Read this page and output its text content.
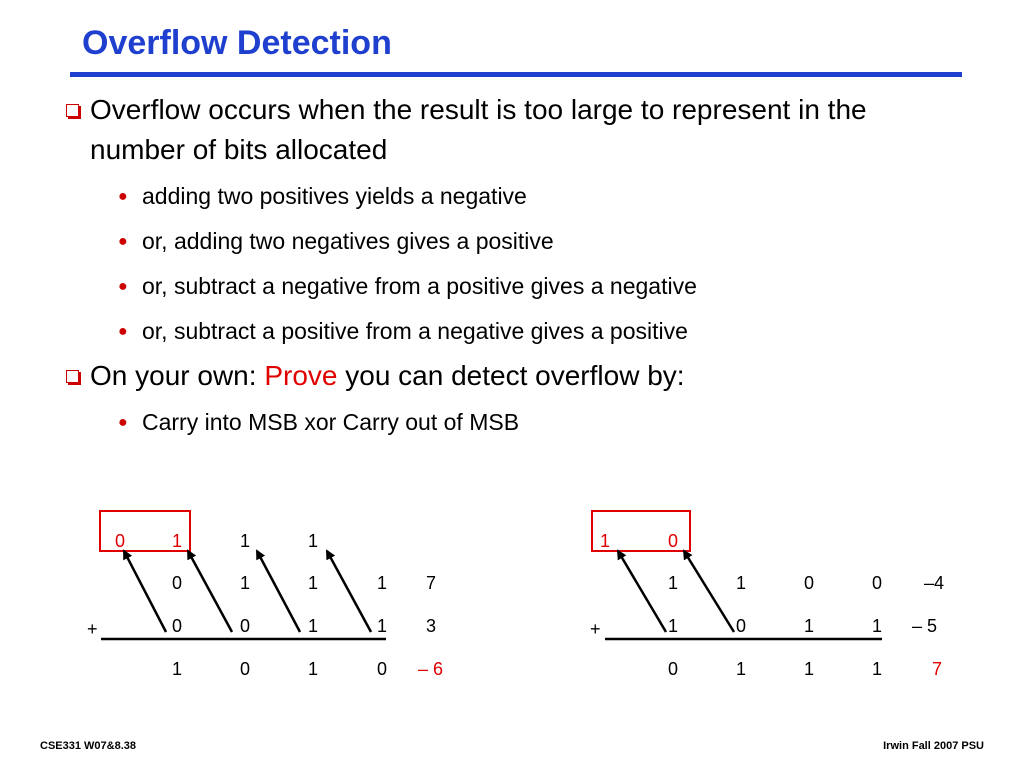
Overflow Detection
Overflow occurs when the result is too large to represent in the number of bits allocated
● adding two positives yields a negative
● or, adding two negatives gives a positive
● or, subtract a negative from a positive gives a negative
● or, subtract a positive from a negative gives a positive
On your own: Prove you can detect overflow by:
● Carry into MSB xor Carry out of MSB
0	1	1	1
0	1	1	1	7
+	0	0	1	1	3
1	0	1	0	– 6
1	0
1	1	0	0	–4
+	1	0	1	1	– 5
0	1	1	1	7
CSE331 W07&8.38	Irwin Fall 2007 PSU
